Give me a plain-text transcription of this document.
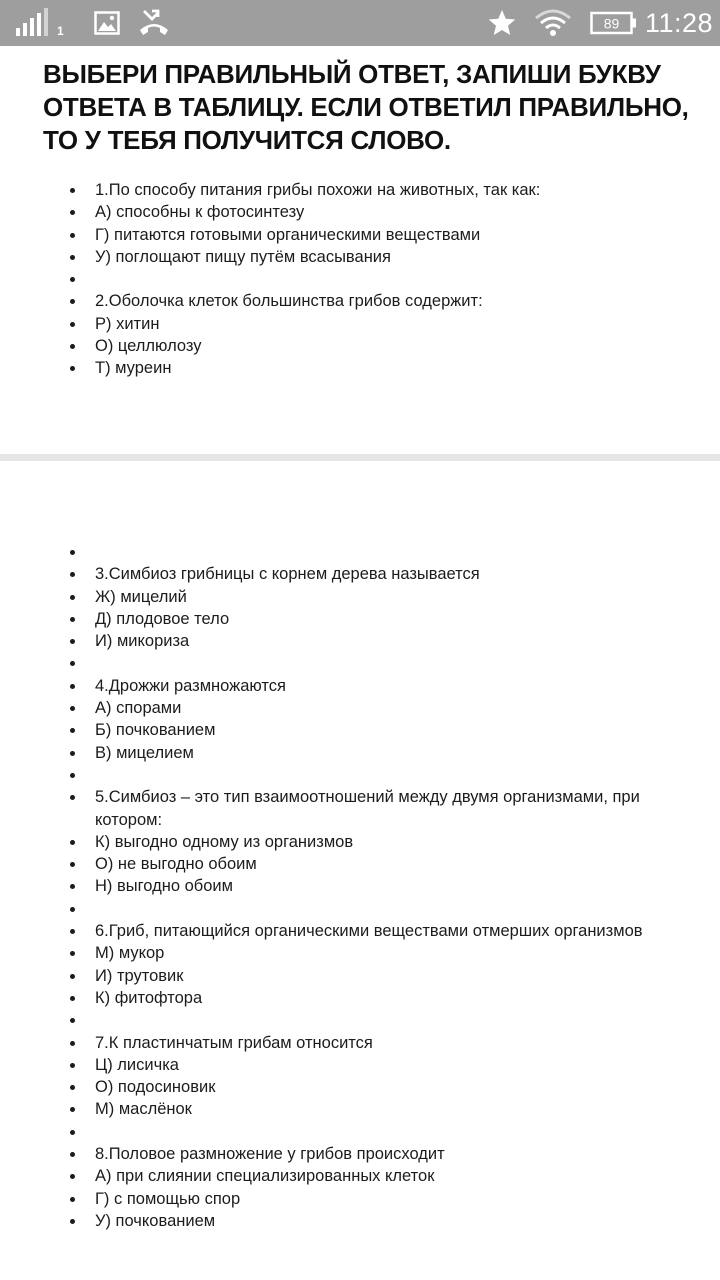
1	89 11:28
ВЫБЕРИ ПРАВИЛЬНЫЙ ОТВЕТ, ЗАПИШИ БУКВУ ОТВЕТА В ТАБЛИЦУ. ЕСЛИ ОТВЕТИЛ ПРАВИЛЬНО, ТО У ТЕБЯ ПОЛУЧИТСЯ СЛОВО.
1.По способу питания грибы похожи на животных, так как:
А) способны к фотосинтезу
Г) питаются готовыми органическими веществами
У) поглощают пищу путём всасывания
2.Оболочка клеток большинства грибов содержит:
Р) хитин
О) целлюлозу
Т) муреин
3.Симбиоз грибницы с корнем дерева называется
Ж) мицелий
Д) плодовое тело
И) микориза
4.Дрожжи размножаются
А) спорами
Б) почкованием
В) мицелием
5.Симбиоз – это тип взаимоотношений между двумя организмами, при котором:
К) выгодно одному из организмов
О) не выгодно обоим
Н) выгодно обоим
6.Гриб, питающийся органическими веществами отмерших организмов
М) мукор
И) трутовик
К) фитофтора
7.К пластинчатым грибам относится
Ц) лисичка
О) подосиновик
М) маслёнок
8.Половое размножение у грибов происходит
А) при слиянии специализированных клеток
Г) с помощью спор
У) почкованием
